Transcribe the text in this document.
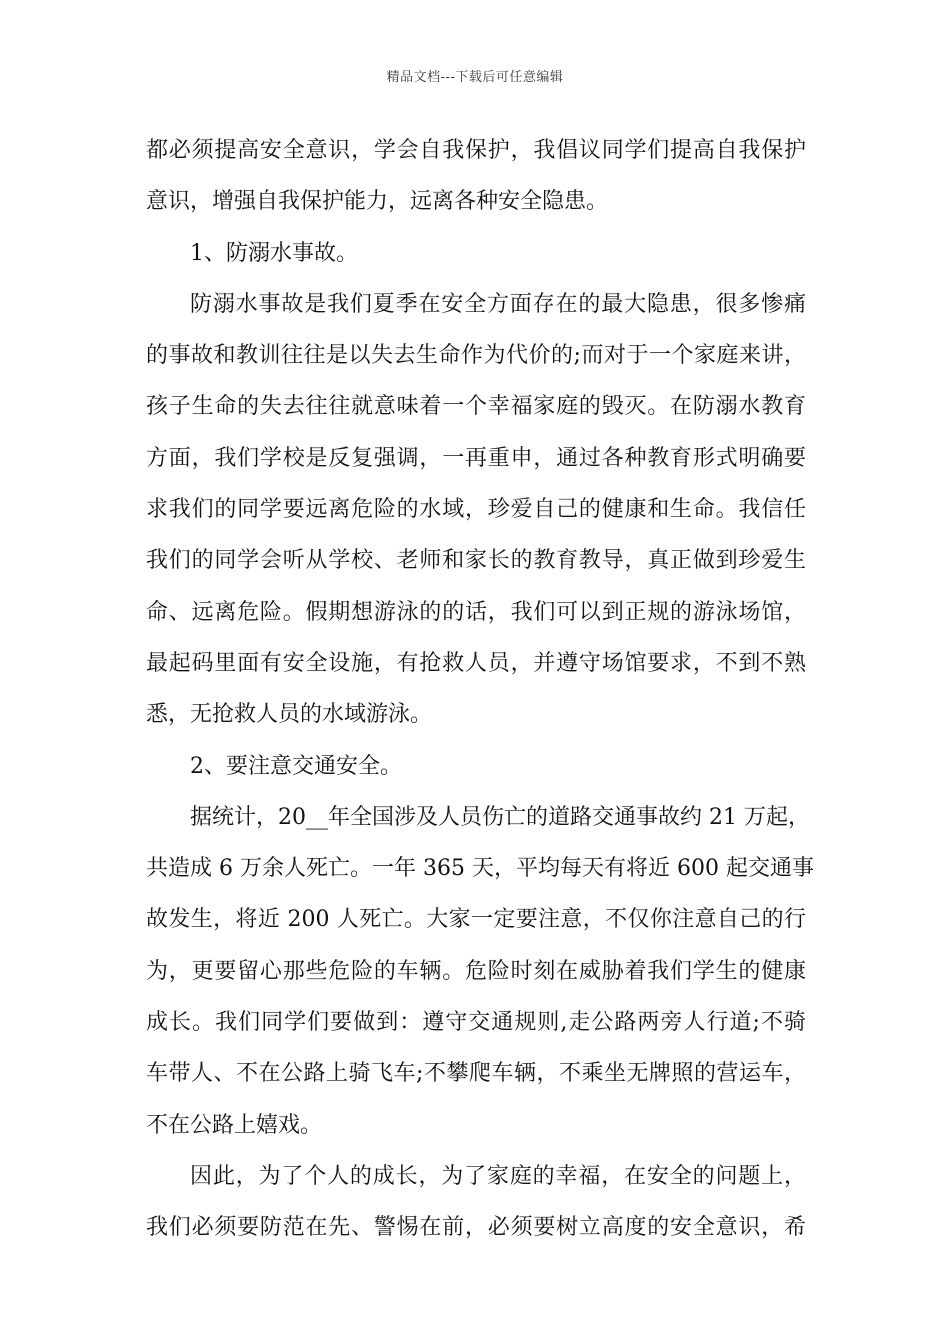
精品文档---下载后可任意编辑
都必须提高安全意识，学会自我保护，我倡议同学们提高自我保护
意识，增强自我保护能力，远离各种安全隐患。
1、防溺水事故。
防溺水事故是我们夏季在安全方面存在的最大隐患，很多惨痛
的事故和教训往往是以失去生命作为代价的;而对于一个家庭来讲，
孩子生命的失去往往就意味着一个幸福家庭的毁灭。在防溺水教育
方面，我们学校是反复强调，一再重申，通过各种教育形式明确要
求我们的同学要远离危险的水域，珍爱自己的健康和生命。我信任
我们的同学会听从学校、老师和家长的教育教导，真正做到珍爱生
命、远离危险。假期想游泳的的话，我们可以到正规的游泳场馆，
最起码里面有安全设施，有抢救人员，并遵守场馆要求，不到不熟
悉，无抢救人员的水域游泳。
2、要注意交通安全。
据统计，20__年全国涉及人员伤亡的道路交通事故约 21 万起，
共造成 6 万余人死亡。一年 365 天，平均每天有将近 600 起交通事
故发生，将近 200 人死亡。大家一定要注意，不仅你注意自己的行
为，更要留心那些危险的车辆。危险时刻在威胁着我们学生的健康
成长。我们同学们要做到：遵守交通规则,走公路两旁人行道;不骑
车带人、不在公路上骑飞车;不攀爬车辆，不乘坐无牌照的营运车，
不在公路上嬉戏。
因此，为了个人的成长，为了家庭的幸福，在安全的问题上，
我们必须要防范在先、警惕在前，必须要树立高度的安全意识，希
